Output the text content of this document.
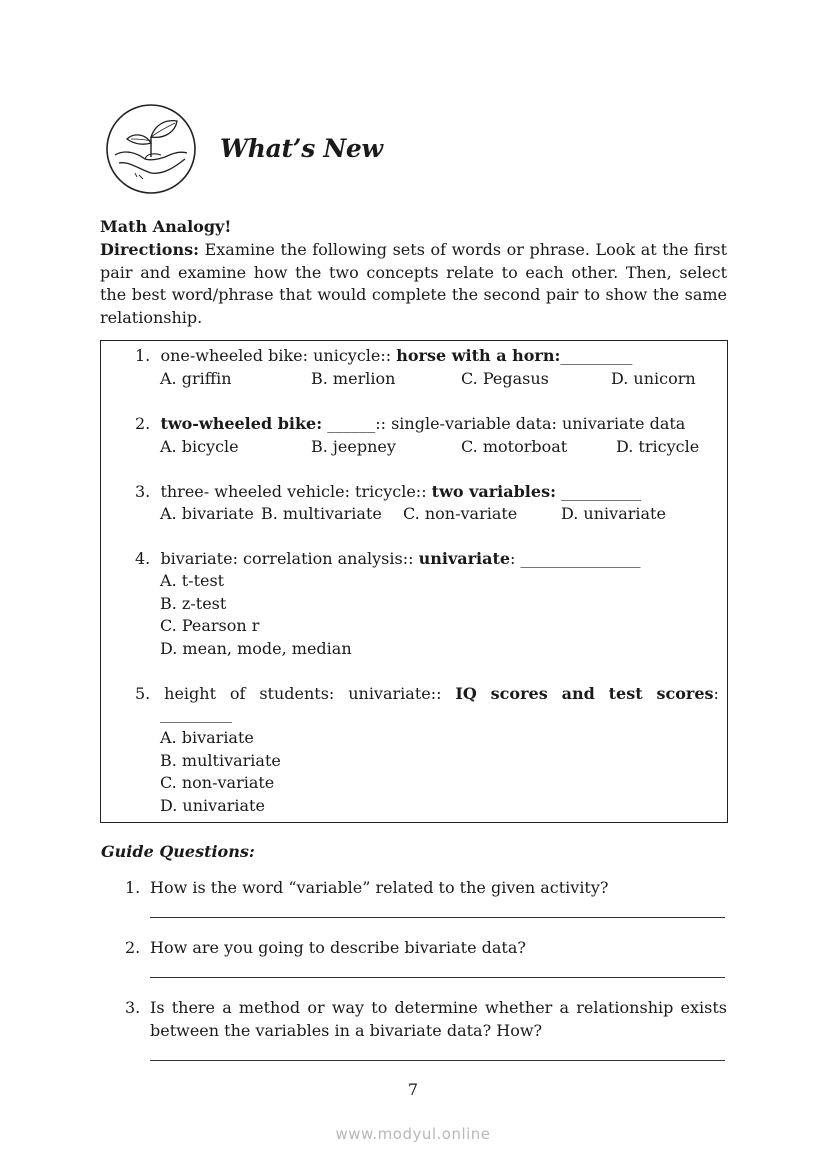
What’s New
Math Analogy!
Directions: Examine the following sets of words or phrase. Look at the first pair and examine how the two concepts relate to each other. Then, select the best word/phrase that would complete the second pair to show the same relationship.
1. one-wheeled bike: unicycle:: horse with a horn:_________
A. griffin	B. merlion	C. Pegasus	D. unicorn
2. two-wheeled bike: ______:: single-variable data: univariate data
A. bicycle	B. jeepney	C. motorboat	D. tricycle
3. three- wheeled vehicle: tricycle:: two variables: __________
A. bivariate B. multivariate C. non-variate	D. univariate
4. bivariate: correlation analysis:: univariate: _______________
A. t-test
B. z-test
C. Pearson r
D. mean, mode, median
5. height of students: univariate:: IQ scores and test scores:
_________
A. bivariate
B. multivariate
C. non-variate
D. univariate
Guide Questions:
1. How is the word “variable” related to the given activity?
2. How are you going to describe bivariate data?
3. Is there a method or way to determine whether a relationship exists
between the variables in a bivariate data? How?
7
www.modyul.online
